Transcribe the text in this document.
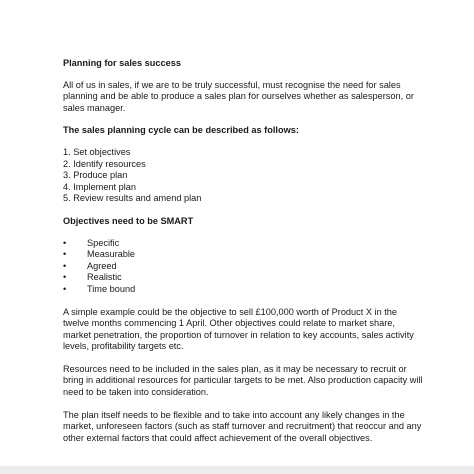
Planning for sales success

All of us in sales, if we are to be truly successful, must recognise the need for sales planning and be able to produce a sales plan for ourselves whether as salesperson, or sales manager.

The sales planning cycle can be described as follows:

1. Set objectives
2. Identify resources
3. Produce plan
4. Implement plan
5. Review results and amend plan

Objectives need to be SMART

• Specific
• Measurable
• Agreed
• Realistic
• Time bound

A simple example could be the objective to sell £100,000 worth of Product X in the twelve months commencing 1 April. Other objectives could relate to market share, market penetration, the proportion of turnover in relation to key accounts, sales activity levels, profitability targets etc.

Resources need to be included in the sales plan, as it may be necessary to recruit or bring in additional resources for particular targets to be met. Also production capacity will need to be taken into consideration.

The plan itself needs to be flexible and to take into account any likely changes in the market, unforeseen factors (such as staff turnover and recruitment) that reoccur and any other external factors that could affect achievement of the overall objectives.
